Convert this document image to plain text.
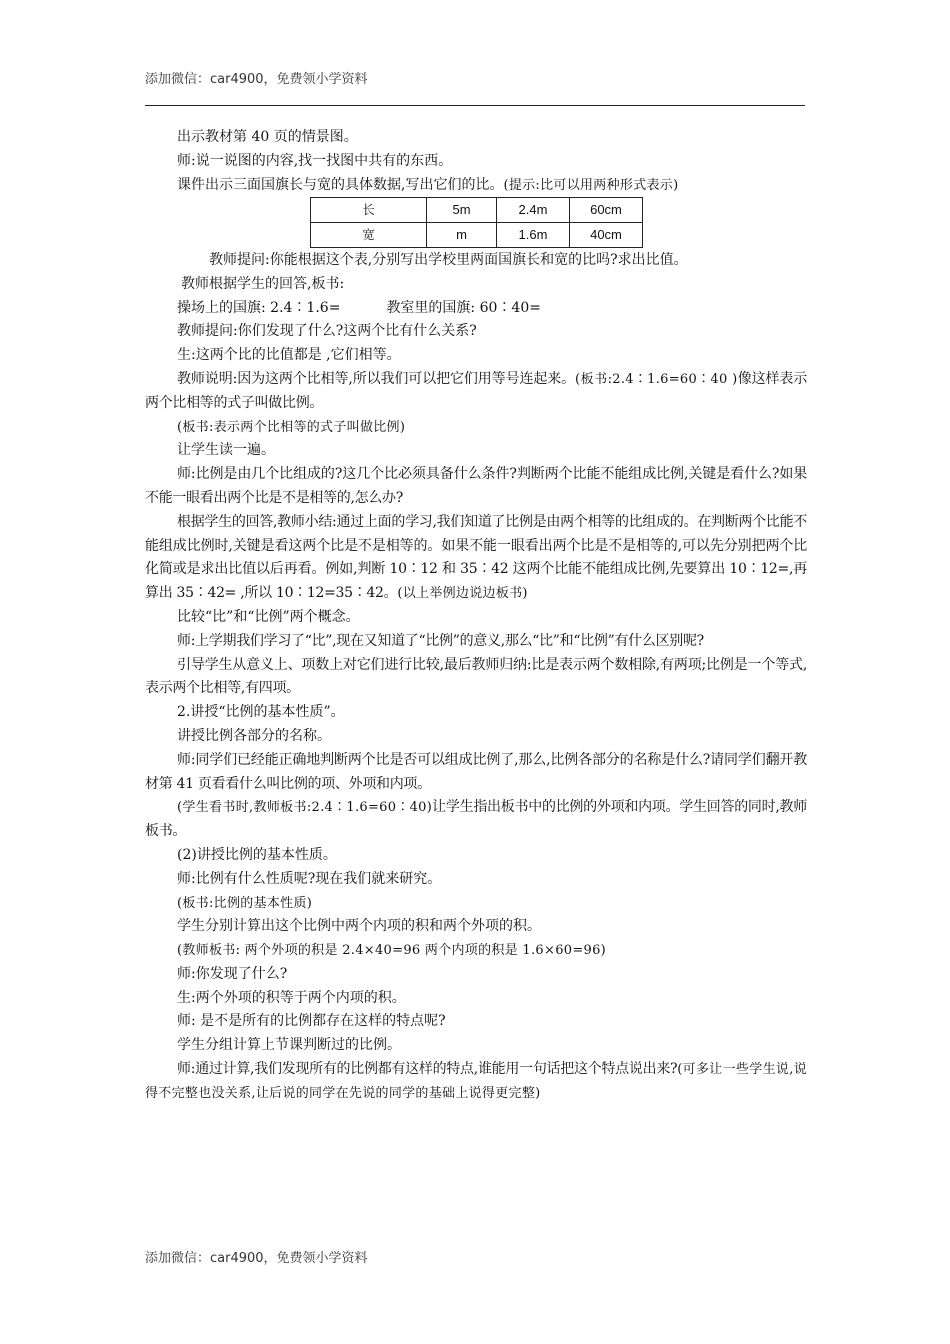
添加微信：car4900，免费领小学资料

出示教材第 40 页的情景图。

师:说一说图的内容,找一找图中共有的东西。

课件出示三面国旗长与宽的具体数据,写出它们的比。(提示:比可以用两种形式表示)

长	5m	2.4m	60cm
宽	m	1.6m	40cm

教师提问:你能根据这个表,分别写出学校里两面国旗长和宽的比吗?求出比值。

教师根据学生的回答,板书:

操场上的国旗: 2.4∶1.6=	教室里的国旗: 60∶40=

教师提问:你们发现了什么?这两个比有什么关系?

生:这两个比的比值都是 ,它们相等。

教师说明:因为这两个比相等,所以我们可以把它们用等号连起来。(板书:2.4∶1.6=60∶40 )像这样表示两个比相等的式子叫做比例。

(板书:表示两个比相等的式子叫做比例)

让学生读一遍。

师:比例是由几个比组成的?这几个比必须具备什么条件?判断两个比能不能组成比例,关键是看什么?如果不能一眼看出两个比是不是相等的,怎么办?

根据学生的回答,教师小结:通过上面的学习,我们知道了比例是由两个相等的比组成的。在判断两个比能不能组成比例时,关键是看这两个比是不是相等的。如果不能一眼看出两个比是不是相等的,可以先分别把两个比化简或是求出比值以后再看。例如,判断 10∶12 和 35∶42 这两个比能不能组成比例,先要算出 10∶12=,再算出 35∶42= ,所以 10∶12=35∶42。(以上举例边说边板书)

比较“比”和“比例”两个概念。

师:上学期我们学习了“比”,现在又知道了“比例”的意义,那么“比”和“比例”有什么区别呢?

引导学生从意义上、项数上对它们进行比较,最后教师归纳:比是表示两个数相除,有两项;比例是一个等式,表示两个比相等,有四项。

2.讲授“比例的基本性质”。

讲授比例各部分的名称。

师:同学们已经能正确地判断两个比是否可以组成比例了,那么,比例各部分的名称是什么?请同学们翻开教材第 41 页看看什么叫比例的项、外项和内项。

(学生看书时,教师板书:2.4∶1.6=60∶40)让学生指出板书中的比例的外项和内项。学生回答的同时,教师板书。

(2)讲授比例的基本性质。

师:比例有什么性质呢?现在我们就来研究。

(板书:比例的基本性质)

学生分别计算出这个比例中两个内项的积和两个外项的积。

(教师板书: 两个外项的积是 2.4×40=96 两个内项的积是 1.6×60=96)

师:你发现了什么?

生:两个外项的积等于两个内项的积。

师: 是不是所有的比例都存在这样的特点呢?

学生分组计算上节课判断过的比例。

师:通过计算,我们发现所有的比例都有这样的特点,谁能用一句话把这个特点说出来?(可多让一些学生说,说得不完整也没关系,让后说的同学在先说的同学的基础上说得更完整)

添加微信：car4900，免费领小学资料
